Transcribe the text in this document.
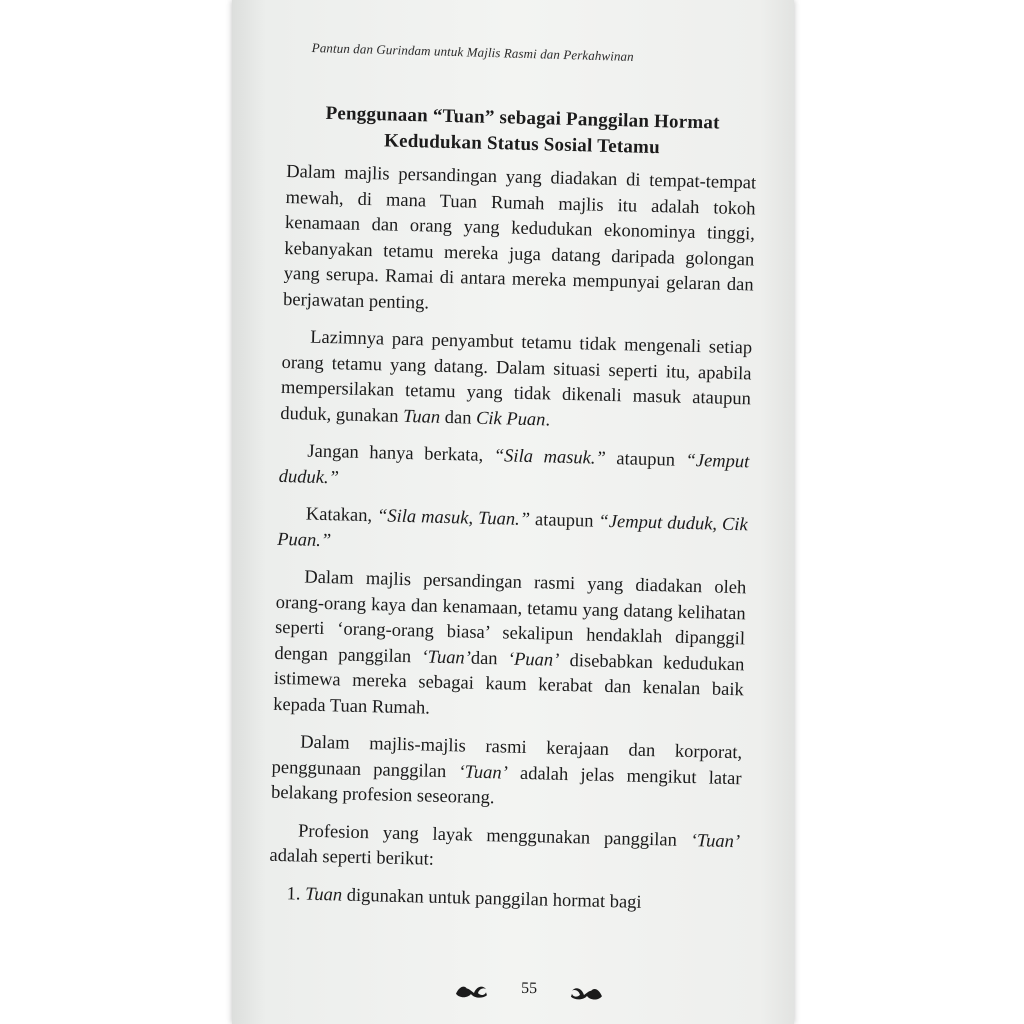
Pantun dan Gurindam untuk Majlis Rasmi dan Perkahwinan
Penggunaan “Tuan” sebagai Panggilan Hormat
Kedudukan Status Sosial Tetamu

Dalam majlis persandingan yang diadakan di tempat-tempat mewah, di mana Tuan Rumah majlis itu adalah tokoh kenamaan dan orang yang kedudukan ekonominya tinggi, kebanyakan tetamu mereka juga datang daripada golongan yang serupa. Ramai di antara mereka mempunyai gelaran dan berjawatan penting.

Lazimnya para penyambut tetamu tidak mengenali setiap orang tetamu yang datang. Dalam situasi seperti itu, apabila mempersilakan tetamu yang tidak dikenali masuk ataupun duduk, gunakan Tuan dan Cik Puan.

Jangan hanya berkata, “Sila masuk.” ataupun “Jemput duduk.”

Katakan, “Sila masuk, Tuan.” ataupun “Jemput duduk, Cik Puan.”

Dalam majlis persandingan rasmi yang diadakan oleh orang-orang kaya dan kenamaan, tetamu yang datang kelihatan seperti ‘orang-orang biasa’ sekalipun hendaklah dipanggil dengan panggilan ‘Tuan’dan ‘Puan’ disebabkan kedudukan istimewa mereka sebagai kaum kerabat dan kenalan baik kepada Tuan Rumah.

Dalam majlis-majlis rasmi kerajaan dan korporat, penggunaan panggilan ‘Tuan’ adalah jelas mengikut latar belakang profesion seseorang.

Profesion yang layak menggunakan panggilan ‘Tuan’ adalah seperti berikut:

1. Tuan digunakan untuk panggilan hormat bagi

55
